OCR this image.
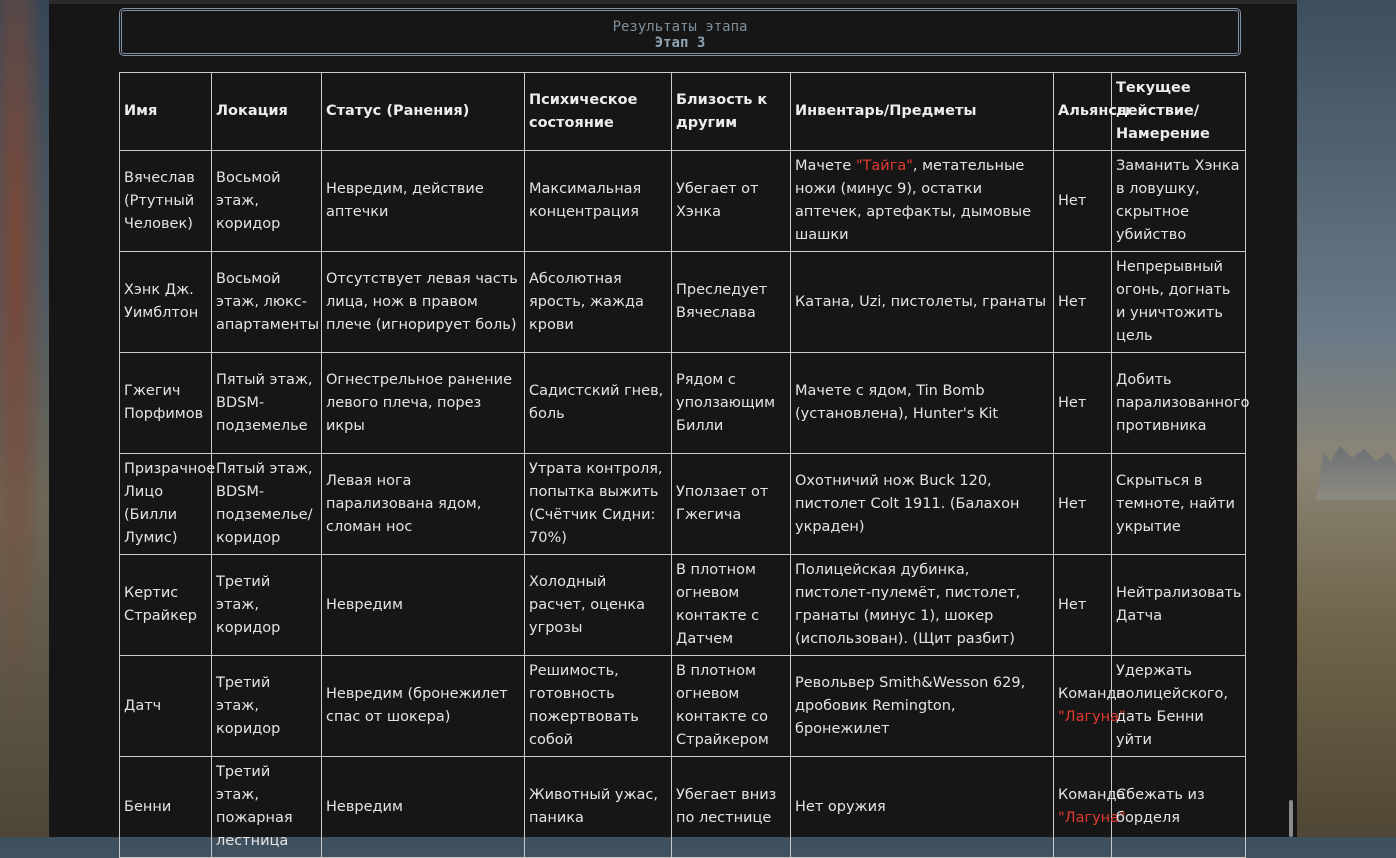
Результаты этапа
Этап 3
Имя	Локация	Статус (Ранения)	Психическое состояние	Близость к другим	Инвентарь/Предметы	Альянсы	Текущее действие/Намерение
Вячеслав (Ртутный Человек)	Восьмой этаж, коридор	Невредим, действие аптечки	Максимальная концентрация	Убегает от Хэнка	Мачете "Тайга", метательные ножи (минус 9), остатки аптечек, артефакты, дымовые шашки	Нет	Заманить Хэнка в ловушку, скрытное убийство
Хэнк Дж. Уимблтон	Восьмой этаж, люкс-апартаменты	Отсутствует левая часть лица, нож в правом плече (игнорирует боль)	Абсолютная ярость, жажда крови	Преследует Вячеслава	Катана, Uzi, пистолеты, гранаты	Нет	Непрерывный огонь, догнать и уничтожить цель
Гжегич Порфимов	Пятый этаж, BDSM-подземелье	Огнестрельное ранение левого плеча, порез икры	Садистский гнев, боль	Рядом с уползающим Билли	Мачете с ядом, Tin Bomb (установлена), Hunter's Kit	Нет	Добить парализованного противника
Призрачное Лицо (Билли Лумис)	Пятый этаж, BDSM-подземелье/ коридор	Левая нога парализована ядом, сломан нос	Утрата контроля, попытка выжить (Счётчик Сидни: 70%)	Уползает от Гжегича	Охотничий нож Buck 120, пистолет Colt 1911. (Балахон украден)	Нет	Скрыться в темноте, найти укрытие
Кертис Страйкер	Третий этаж, коридор	Невредим	Холодный расчет, оценка угрозы	В плотном огневом контакте с Датчем	Полицейская дубинка, пистолет-пулемёт, пистолет, гранаты (минус 1), шокер (использован). (Щит разбит)	Нет	Нейтрализовать Датча
Датч	Третий этаж, коридор	Невредим (бронежилет спас от шокера)	Решимость, готовность пожертвовать собой	В плотном огневом контакте со Страйкером	Револьвер Smith&Wesson 629, дробовик Remington, бронежилет	Команда "Лагуна"	Удержать полицейского, дать Бенни уйти
Бенни	Третий этаж, пожарная лестница	Невредим	Животный ужас, паника	Убегает вниз по лестнице	Нет оружия	Команда "Лагуна"	Сбежать из борделя
